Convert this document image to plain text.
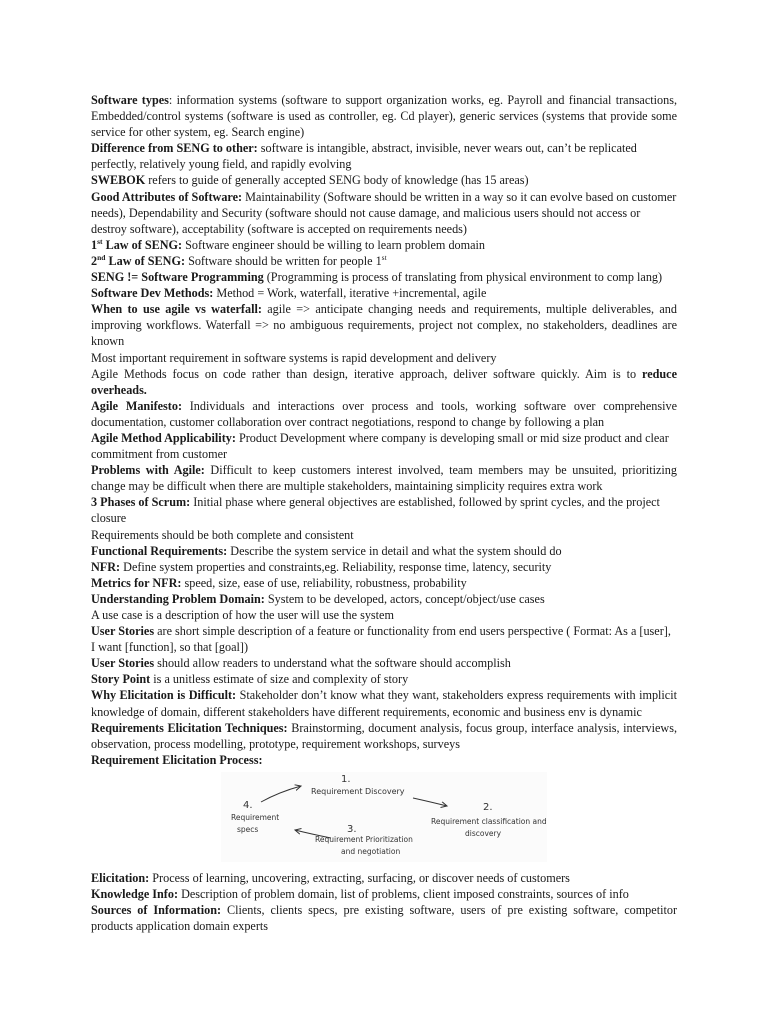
Software types: information systems (software to support organization works, eg. Payroll and financial transactions, Embedded/control systems (software is used as controller, eg. Cd player), generic services (systems that provide some service for other system, eg. Search engine)

Difference from SENG to other: software is intangible, abstract, invisible, never wears out, can’t be replicated perfectly, relatively young field, and rapidly evolving

SWEBOK refers to guide of generally accepted SENG body of knowledge (has 15 areas)

Good Attributes of Software: Maintainability (Software should be written in a way so it can evolve based on customer needs), Dependability and Security (software should not cause damage, and malicious users should not access or destroy software), acceptability (software is accepted on requirements needs)

1st Law of SENG: Software engineer should be willing to learn problem domain

2nd Law of SENG: Software should be written for people 1st

SENG != Software Programming (Programming is process of translating from physical environment to comp lang)

Software Dev Methods: Method = Work, waterfall, iterative +incremental, agile

When to use agile vs waterfall: agile => anticipate changing needs and requirements, multiple deliverables, and improving workflows. Waterfall => no ambiguous requirements, project not complex, no stakeholders, deadlines are known

Most important requirement in software systems is rapid development and delivery

Agile Methods focus on code rather than design, iterative approach, deliver software quickly. Aim is to reduce overheads.

Agile Manifesto: Individuals and interactions over process and tools, working software over comprehensive documentation, customer collaboration over contract negotiations, respond to change by following a plan

Agile Method Applicability: Product Development where company is developing small or mid size product and clear commitment from customer

Problems with Agile: Difficult to keep customers interest involved, team members may be unsuited, prioritizing change may be difficult when there are multiple stakeholders, maintaining simplicity requires extra work

3 Phases of Scrum: Initial phase where general objectives are established, followed by sprint cycles, and the project closure

Requirements should be both complete and consistent

Functional Requirements: Describe the system service in detail and what the system should do

NFR: Define system properties and constraints,eg. Reliability, response time, latency, security

Metrics for NFR: speed, size, ease of use, reliability, robustness, probability

Understanding Problem Domain: System to be developed, actors, concept/object/use cases

A use case is a description of how the user will use the system

User Stories are short simple description of a feature or functionality from end users perspective ( Format: As a [user], I want [function], so that [goal])

User Stories should allow readers to understand what the software should accomplish

Story Point is a unitless estimate of size and complexity of story

Why Elicitation is Difficult: Stakeholder don’t know what they want, stakeholders express requirements with implicit knowledge of domain, different stakeholders have different requirements, economic and business env is dynamic

Requirements Elicitation Techniques: Brainstorming, document analysis, focus group, interface analysis, interviews, observation, process modelling, prototype, requirement workshops, surveys

Requirement Elicitation Process:

1.
Requirement Discovery
2.
Requirement classification and
discovery
3.
Requirement Prioritization
and negotiation
4.
Requirement
specs

Elicitation: Process of learning, uncovering, extracting, surfacing, or discover needs of customers

Knowledge Info: Description of problem domain, list of problems, client imposed constraints, sources of info

Sources of Information: Clients, clients specs, pre existing software, users of pre existing software, competitor products application domain experts
